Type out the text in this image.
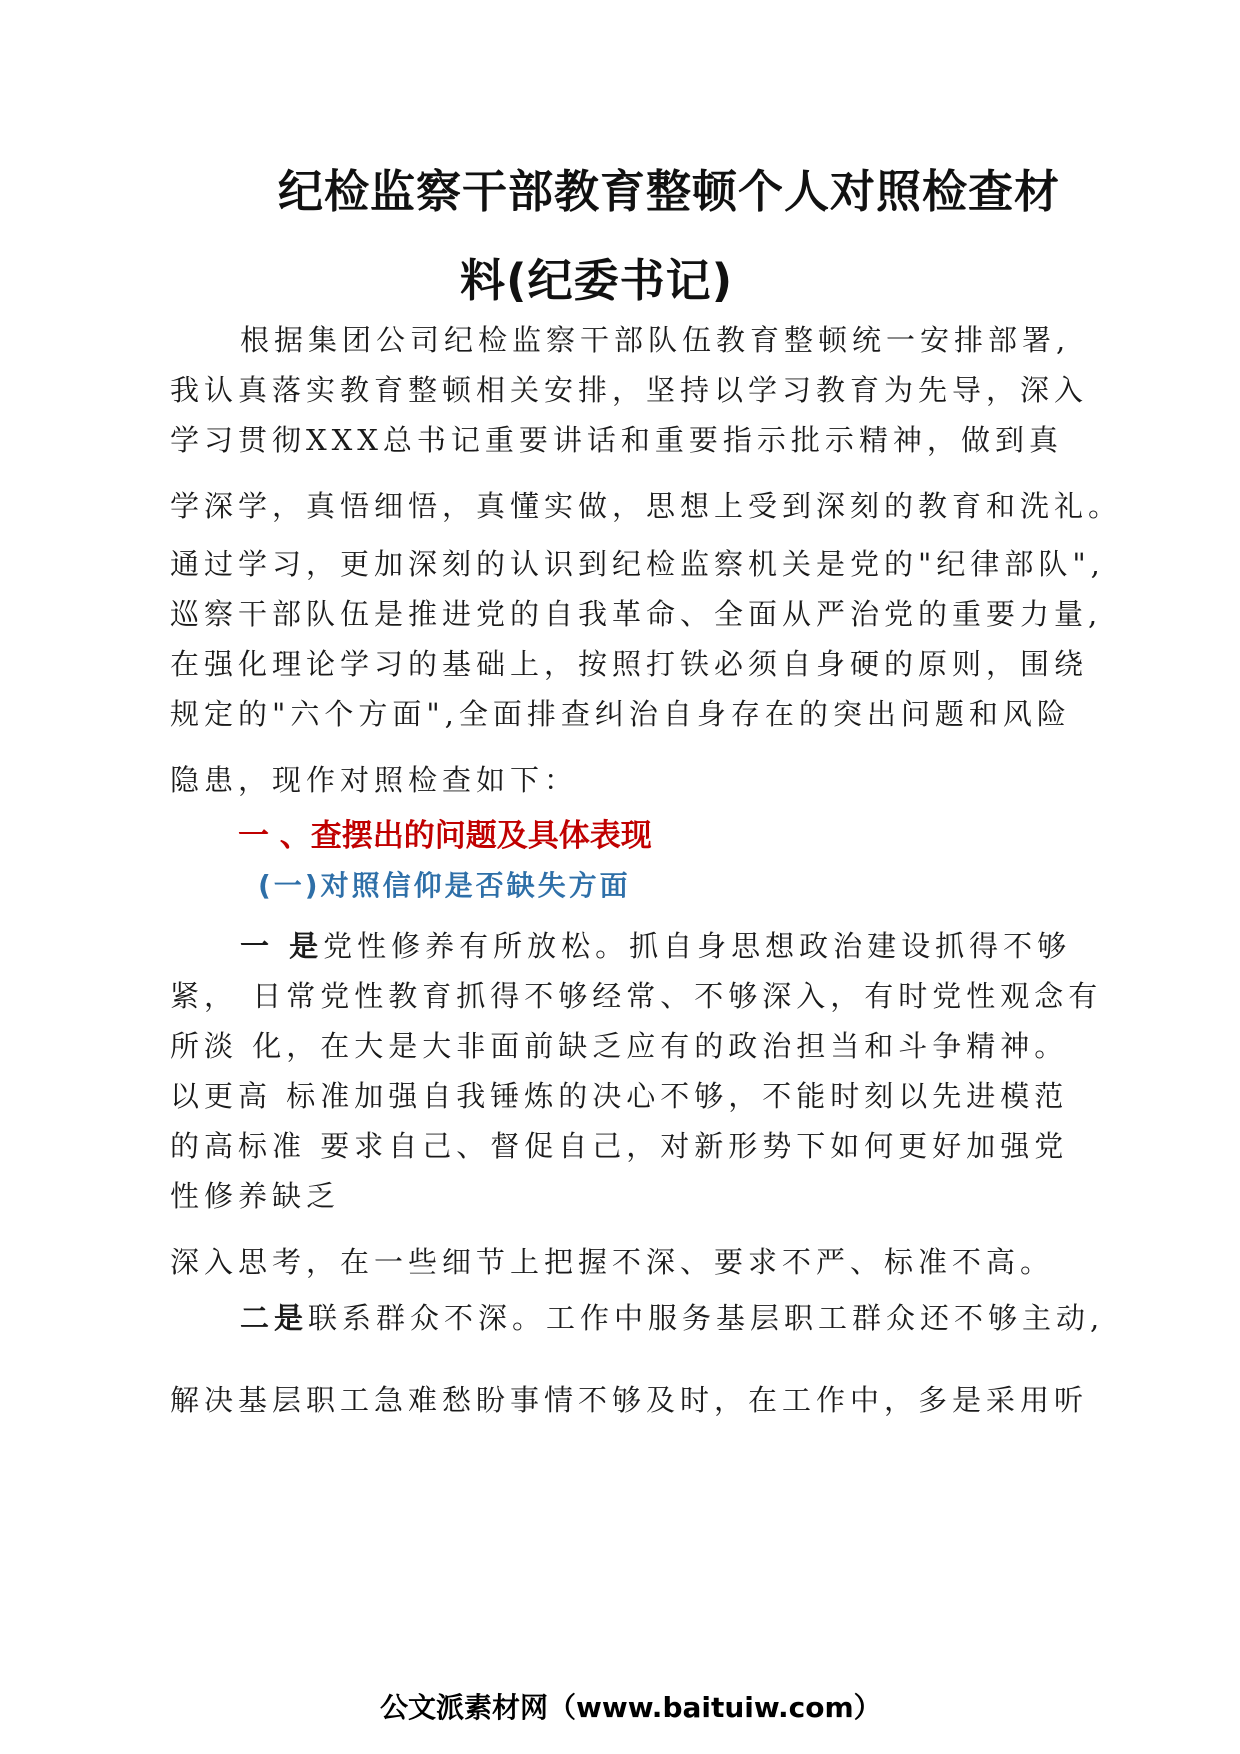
纪检监察干部教育整顿个人对照检查材
料(纪委书记)
根据集团公司纪检监察干部队伍教育整顿统一安排部署,
我认真落实教育整顿相关安排，坚持以学习教育为先导，深入
学习贯彻XXX总书记重要讲话和重要指示批示精神，做到真
学深学，真悟细悟，真懂实做，思想上受到深刻的教育和洗礼。
通过学习，更加深刻的认识到纪检监察机关是党的"纪律部队",
巡察干部队伍是推进党的自我革命、全面从严治党的重要力量,
在强化理论学习的基础上，按照打铁必须自身硬的原则，围绕
规定的"六个方面",全面排查纠治自身存在的突出问题和风险
隐患，现作对照检查如下：
一 、查摆出的问题及具体表现
(一)对照信仰是否缺失方面
一 是党性修养有所放松。抓自身思想政治建设抓得不够
紧， 日常党性教育抓得不够经常、不够深入，有时党性观念有
所淡 化，在大是大非面前缺乏应有的政治担当和斗争精神。
以更高 标准加强自我锤炼的决心不够，不能时刻以先进模范
的高标准 要求自己、督促自己，对新形势下如何更好加强党
性修养缺乏
深入思考，在一些细节上把握不深、要求不严、标准不高。
二是联系群众不深。工作中服务基层职工群众还不够主动,
解决基层职工急难愁盼事情不够及时，在工作中，多是采用听
公文派素材网（www.baituiw.com）
